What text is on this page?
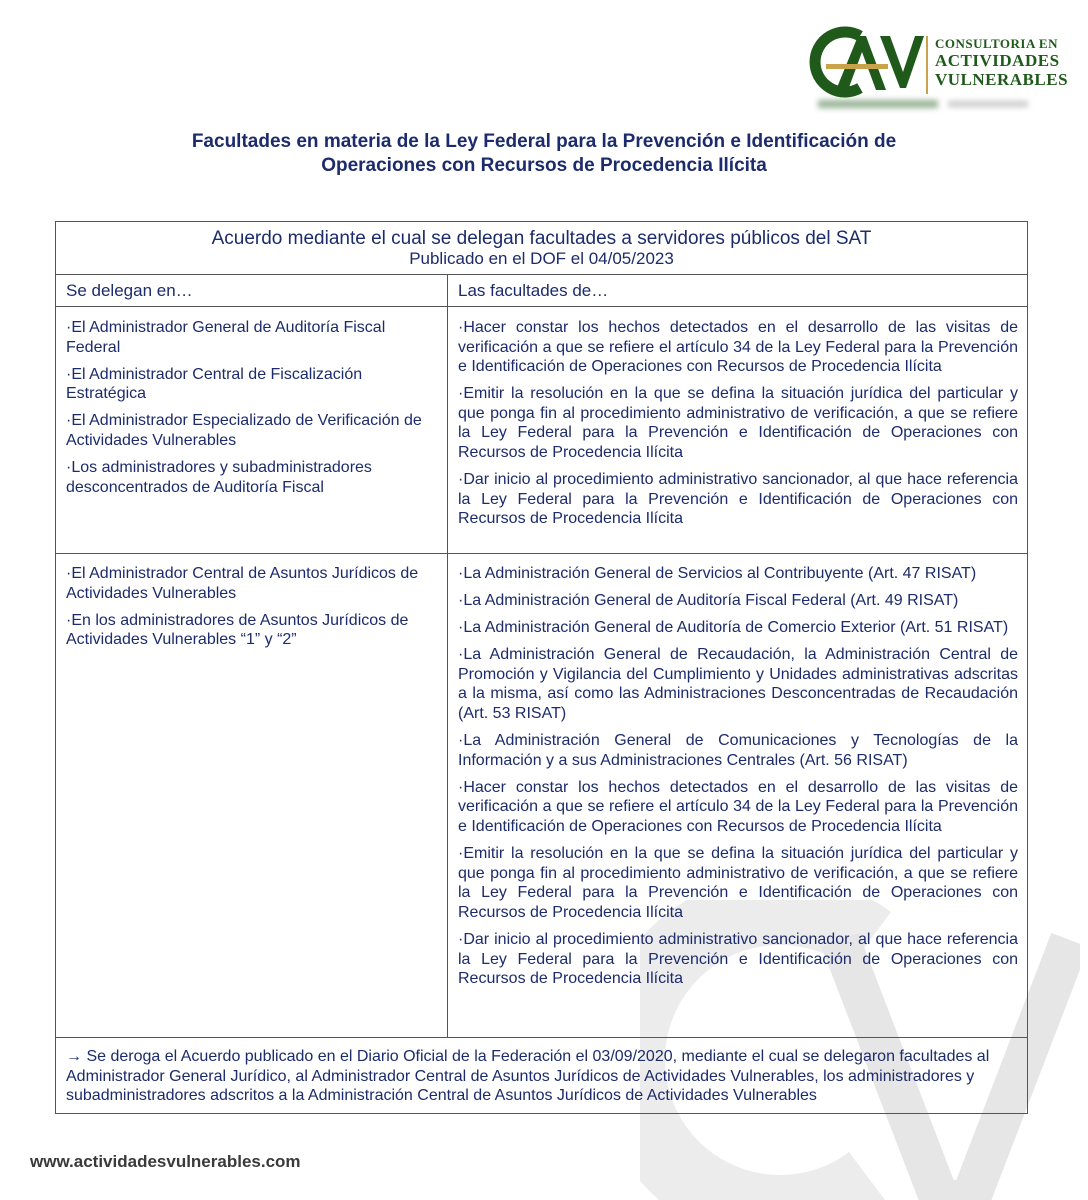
CONSULTORIA EN
ACTIVIDADES
VULNERABLES
Facultades en materia de la Ley Federal para la Prevención e Identificación de
Operaciones con Recursos de Procedencia Ilícita
Acuerdo mediante el cual se delegan facultades a servidores públicos del SAT
Publicado en el DOF el 04/05/2023
Se delegan en…	Las facultades de…

·El Administrador General de Auditoría Fiscal Federal

·El Administrador Central de Fiscalización Estratégica

·El Administrador Especializado de Verificación de Actividades Vulnerables

·Los administradores y subadministradores desconcentrados de Auditoría Fiscal

·Hacer constar los hechos detectados en el desarrollo de las visitas de verificación a que se refiere el artículo 34 de la Ley Federal para la Prevención e Identificación de Operaciones con Recursos de Procedencia Ilícita

·Emitir la resolución en la que se defina la situación jurídica del particular y que ponga fin al procedimiento administrativo de verificación, a que se refiere la Ley Federal para la Prevención e Identificación de Operaciones con Recursos de Procedencia Ilícita

·Dar inicio al procedimiento administrativo sancionador, al que hace referencia la Ley Federal para la Prevención e Identificación de Operaciones con Recursos de Procedencia Ilícita

·El Administrador Central de Asuntos Jurídicos de Actividades Vulnerables

·En los administradores de Asuntos Jurídicos de Actividades Vulnerables “1” y “2”

·La Administración General de Servicios al Contribuyente (Art. 47 RISAT)

·La Administración General de Auditoría Fiscal Federal (Art. 49 RISAT)

·La Administración General de Auditoría de Comercio Exterior (Art. 51 RISAT)

·La Administración General de Recaudación, la Administración Central de Promoción y Vigilancia del Cumplimiento y Unidades administrativas adscritas a la misma, así como las Administraciones Desconcentradas de Recaudación (Art. 53 RISAT)

·La Administración General de Comunicaciones y Tecnologías de la Información y a sus Administraciones Centrales (Art. 56 RISAT)

·Hacer constar los hechos detectados en el desarrollo de las visitas de verificación a que se refiere el artículo 34 de la Ley Federal para la Prevención e Identificación de Operaciones con Recursos de Procedencia Ilícita

·Emitir la resolución en la que se defina la situación jurídica del particular y que ponga fin al procedimiento administrativo de verificación, a que se refiere la Ley Federal para la Prevención e Identificación de Operaciones con Recursos de Procedencia Ilícita

·Dar inicio al procedimiento administrativo sancionador, al que hace referencia la Ley Federal para la Prevención e Identificación de Operaciones con Recursos de Procedencia Ilícita

→ Se deroga el Acuerdo publicado en el Diario Oficial de la Federación el 03/09/2020, mediante el cual se delegaron facultades al Administrador General Jurídico, al Administrador Central de Asuntos Jurídicos de Actividades Vulnerables, los administradores y subadministradores adscritos a la Administración Central de Asuntos Jurídicos de Actividades Vulnerables
www.actividadesvulnerables.com
